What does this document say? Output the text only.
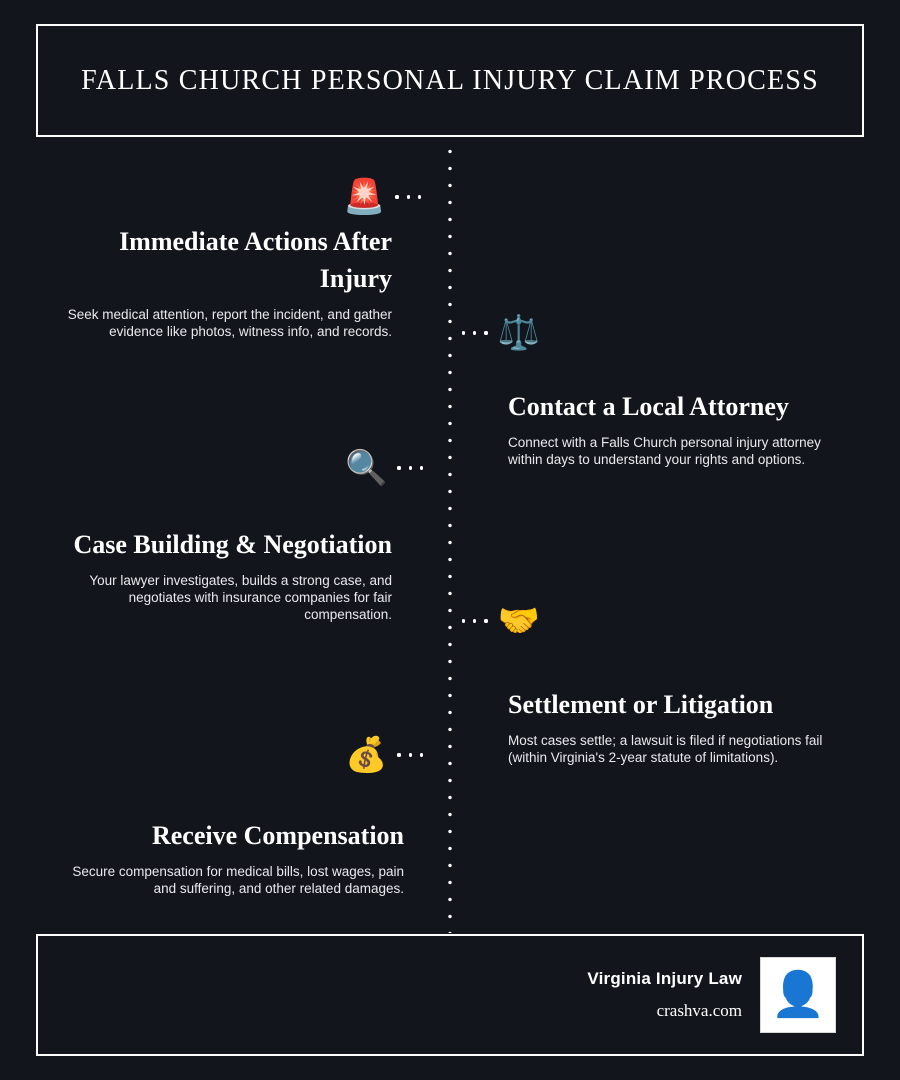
FALLS CHURCH PERSONAL INJURY CLAIM PROCESS
🚨

Immediate Actions After Injury

Seek medical attention, report the incident, and gather evidence like photos, witness info, and records.	⚖️

Contact a Local Attorney

Connect with a Falls Church personal injury attorney within days to understand your rights and options.

🔍

Case Building & Negotiation

Your lawyer investigates, builds a strong case, and negotiates with insurance companies for fair compensation.	🤝

Settlement or Litigation

Most cases settle; a lawsuit is filed if negotiations fail (within Virginia's 2-year statute of limitations).

💰

Receive Compensation

Secure compensation for medical bills, lost wages, pain and suffering, and other related damages.

Virginia Injury Law
crashva.com 👤
